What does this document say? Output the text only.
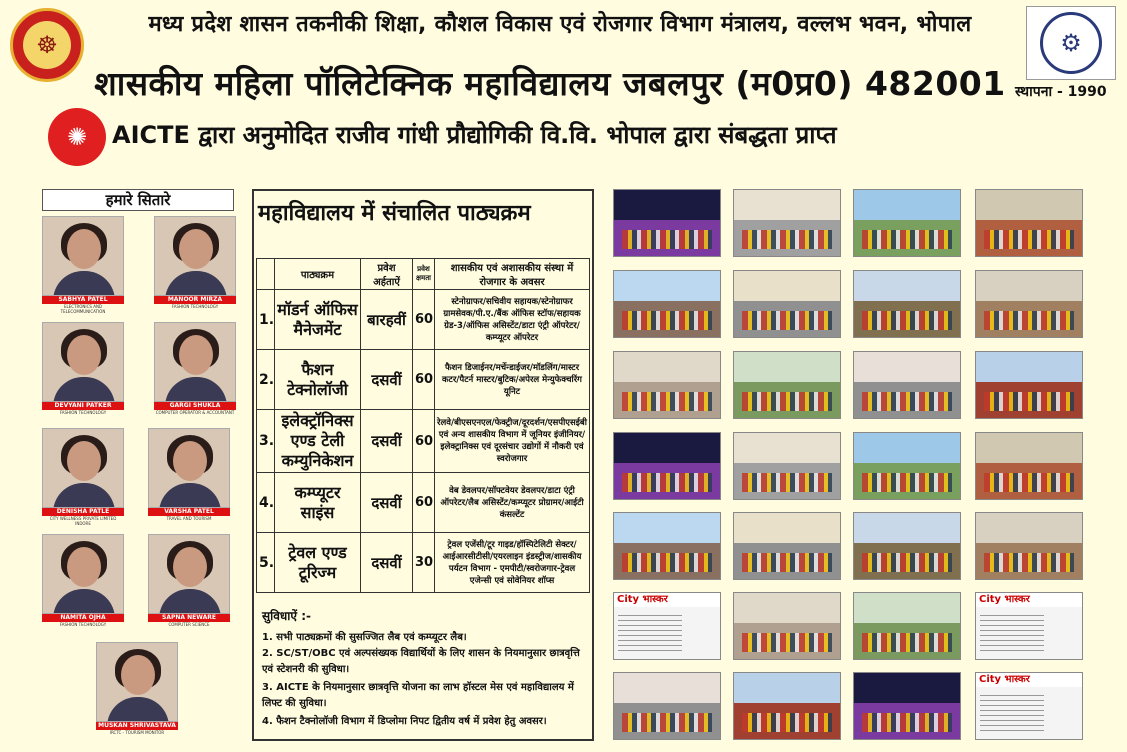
☸
मध्य प्रदेश शासन तकनीकी शिक्षा, कौशल विकास एवं रोजगार विभाग मंत्रालय, वल्लभ भवन, भोपाल
शासकीय महिला पॉलिटेक्निक महाविद्यालय जबलपुर (म0प्र0) 482001
⚙
स्थापना - 1990
✺	AICTE द्वारा अनुमोदित राजीव गांधी प्रौद्योगिकी वि.वि. भोपाल द्वारा संबद्धता प्राप्त
हमारे सितारे
SABHYA PATEL
ELECTRONICS AND TELECOMMUNICATION
MANOOR MIRZA
FASHION TECHNOLOGY
DEVYANI PATKER
FASHION TECHNOLOGY
GARGI SHUKLA
COMPUTER OPERATOR & ACCOUNTANT
DENISHA PATLE
CITY WELLNESS PRIVATE LIMITED INDORE
VARSHA PATEL
TRAVEL AND TOURISM
NAMITA OJHA
FASHION TECHNOLOGY
SAPNA NEWARE
COMPUTER SCIENCE
MUSKAN SHRIVASTAVA
IRCTC - TOURISM MONITOR
महाविद्यालय में संचालित पाठ्यक्रम
	पाठ्यक्रम	प्रवेश अर्हताऐं	प्रवेश क्षमता	शासकीय एवं अशासकीय संस्था में रोजगार के अवसर
1.	मॉडर्न ऑफिस मैनेजमेंट	बारहवीं	60	स्टेनोग्राफर/सचिवीय सहायक/स्टेनोग्राफर ग्रामसेवक/पी.ए./बैंक ऑफिस स्टॉफ/सहायक ग्रेड-3/ऑफिस असिस्टेंट/डाटा एंट्री ऑपरेटर/कम्प्यूटर ऑपरेटर
2.	फैशन टेक्नोलॉजी	दसवीं	60	फैशन डिजाईनर/मर्चेन्डाईजर/मॉडलिंग/मास्टर कटर/पैटर्न मास्टर/बुटिक/अपेरल मेन्युफेक्चरिंग यूनिट
3.	इलेक्ट्रॉनिक्स एण्ड टेली कम्युनिकेशन	दसवीं	60	रेलवे/बीएसएनएल/फेक्ट्रीज/दूरदर्शन/एसपीएसईबी एवं अन्य शासकीय विभाग में जूनियर इंजीनियर/इलेक्ट्रानिक्स एवं दूरसंचार उद्योगों में नौकरी एवं स्वरोजगार
4.	कम्प्यूटर साइंस	दसवीं	60	वेब डेवलपर/सॉफ्टवेयर डेवलपर/डाटा एंट्री ऑपरेटर/लैब असिस्टेंट/कम्प्यूटर प्रोग्रामर/आईटी कंसल्टेंट
5.	ट्रेवल एण्ड टूरिज्म	दसवीं	30	ट्रेवल एजेंसी/टूर गाइड/हॉस्पिटेलिटी सेक्टर/आईआरसीटीसी/एयरलाइन इंडस्ट्रीज/शासकीय पर्यटन विभाग - एमपीटी/स्वरोजगार-ट्रेवल एजेन्सी एवं सोवेनियर शॉप्स
सुविधाऐं :-
1. सभी पाठ्यक्रमों की सुसज्जित लैब एवं कम्प्यूटर लैब।
2. SC/ST/OBC एवं अल्पसंख्यक विद्यार्थियों के लिए शासन के नियमानुसार छात्रवृत्ति एवं स्टेशनरी की सुविधा।
3. AICTE के नियमानुसार छात्रवृत्ति योजना का लाभ हॉस्टल मेस एवं महाविद्यालय में लिफ्ट की सुविधा।
4. फैशन टैक्नोलॉजी विभाग में डिप्लोमा निपट द्वितीय वर्ष में प्रवेश हेतु अवसर।
City भास्कर	City भास्कर
City भास्कर
